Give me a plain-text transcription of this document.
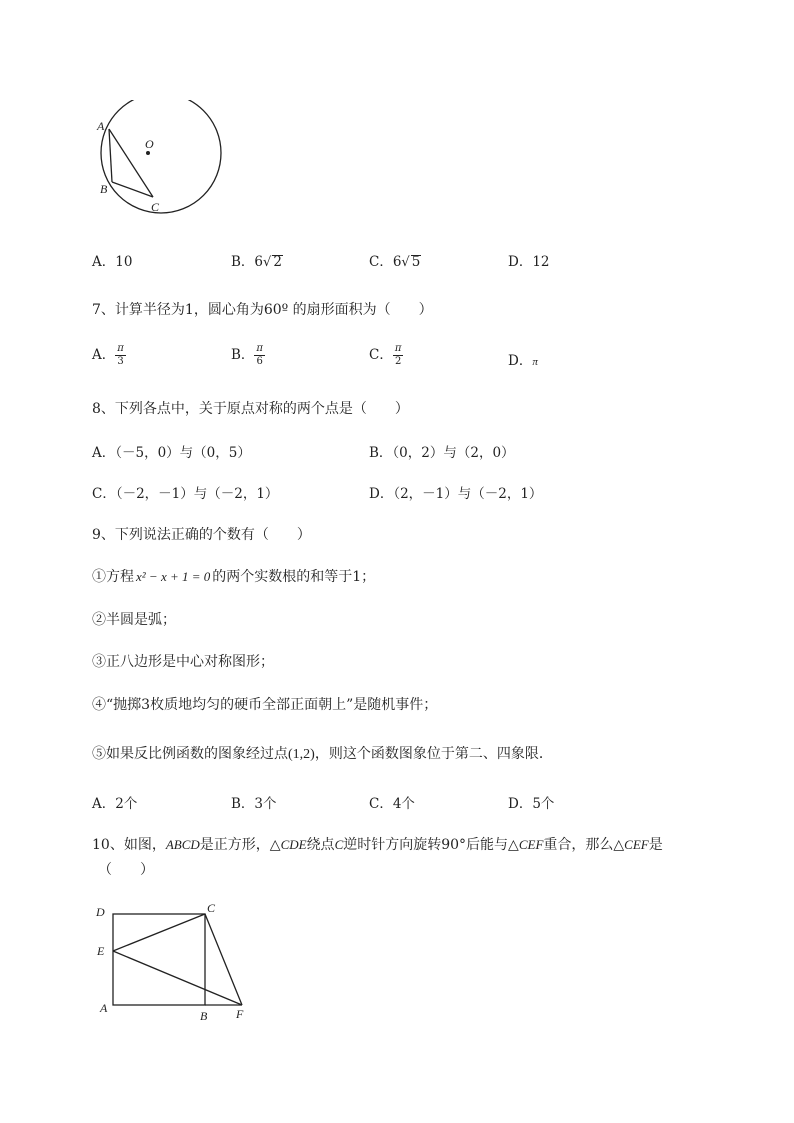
A
O
B
C
A．10	B．6√ 2	C．6√ 5	D．12
7、计算半径为1，圆心角为60º 的扇形面积为（　　）
A． $\frac{\pi}{3}$	B． $\frac{\pi}{6}$	C． $\frac{\pi}{2}$	D．π
8、下列各点中，关于原点对称的两个点是（　　）
A．（－5，0）与（0，5）	B．（0，2）与（2，0）
C．（－2，－1）与（－2，1）	D．（2，－1）与（－2，1）
9、下列说法正确的个数有（　　）
①方程 x² − x + 1 = 0 的两个实数根的和等于1；
②半圆是弧；
③正八边形是中心对称图形；
④“抛掷3枚质地均匀的硬币全部正面朝上”是随机事件；
⑤如果反比例函数的图象经过点(1,2)，则这个函数图象位于第二、四象限．
A．2个	B．3个	C．4个	D．5个
10、如图，ABCD是正方形，△CDE绕点C逆时针方向旋转90°后能与△CEF重合，那么△CEF是
（　　）
D	C
E
A
B F
